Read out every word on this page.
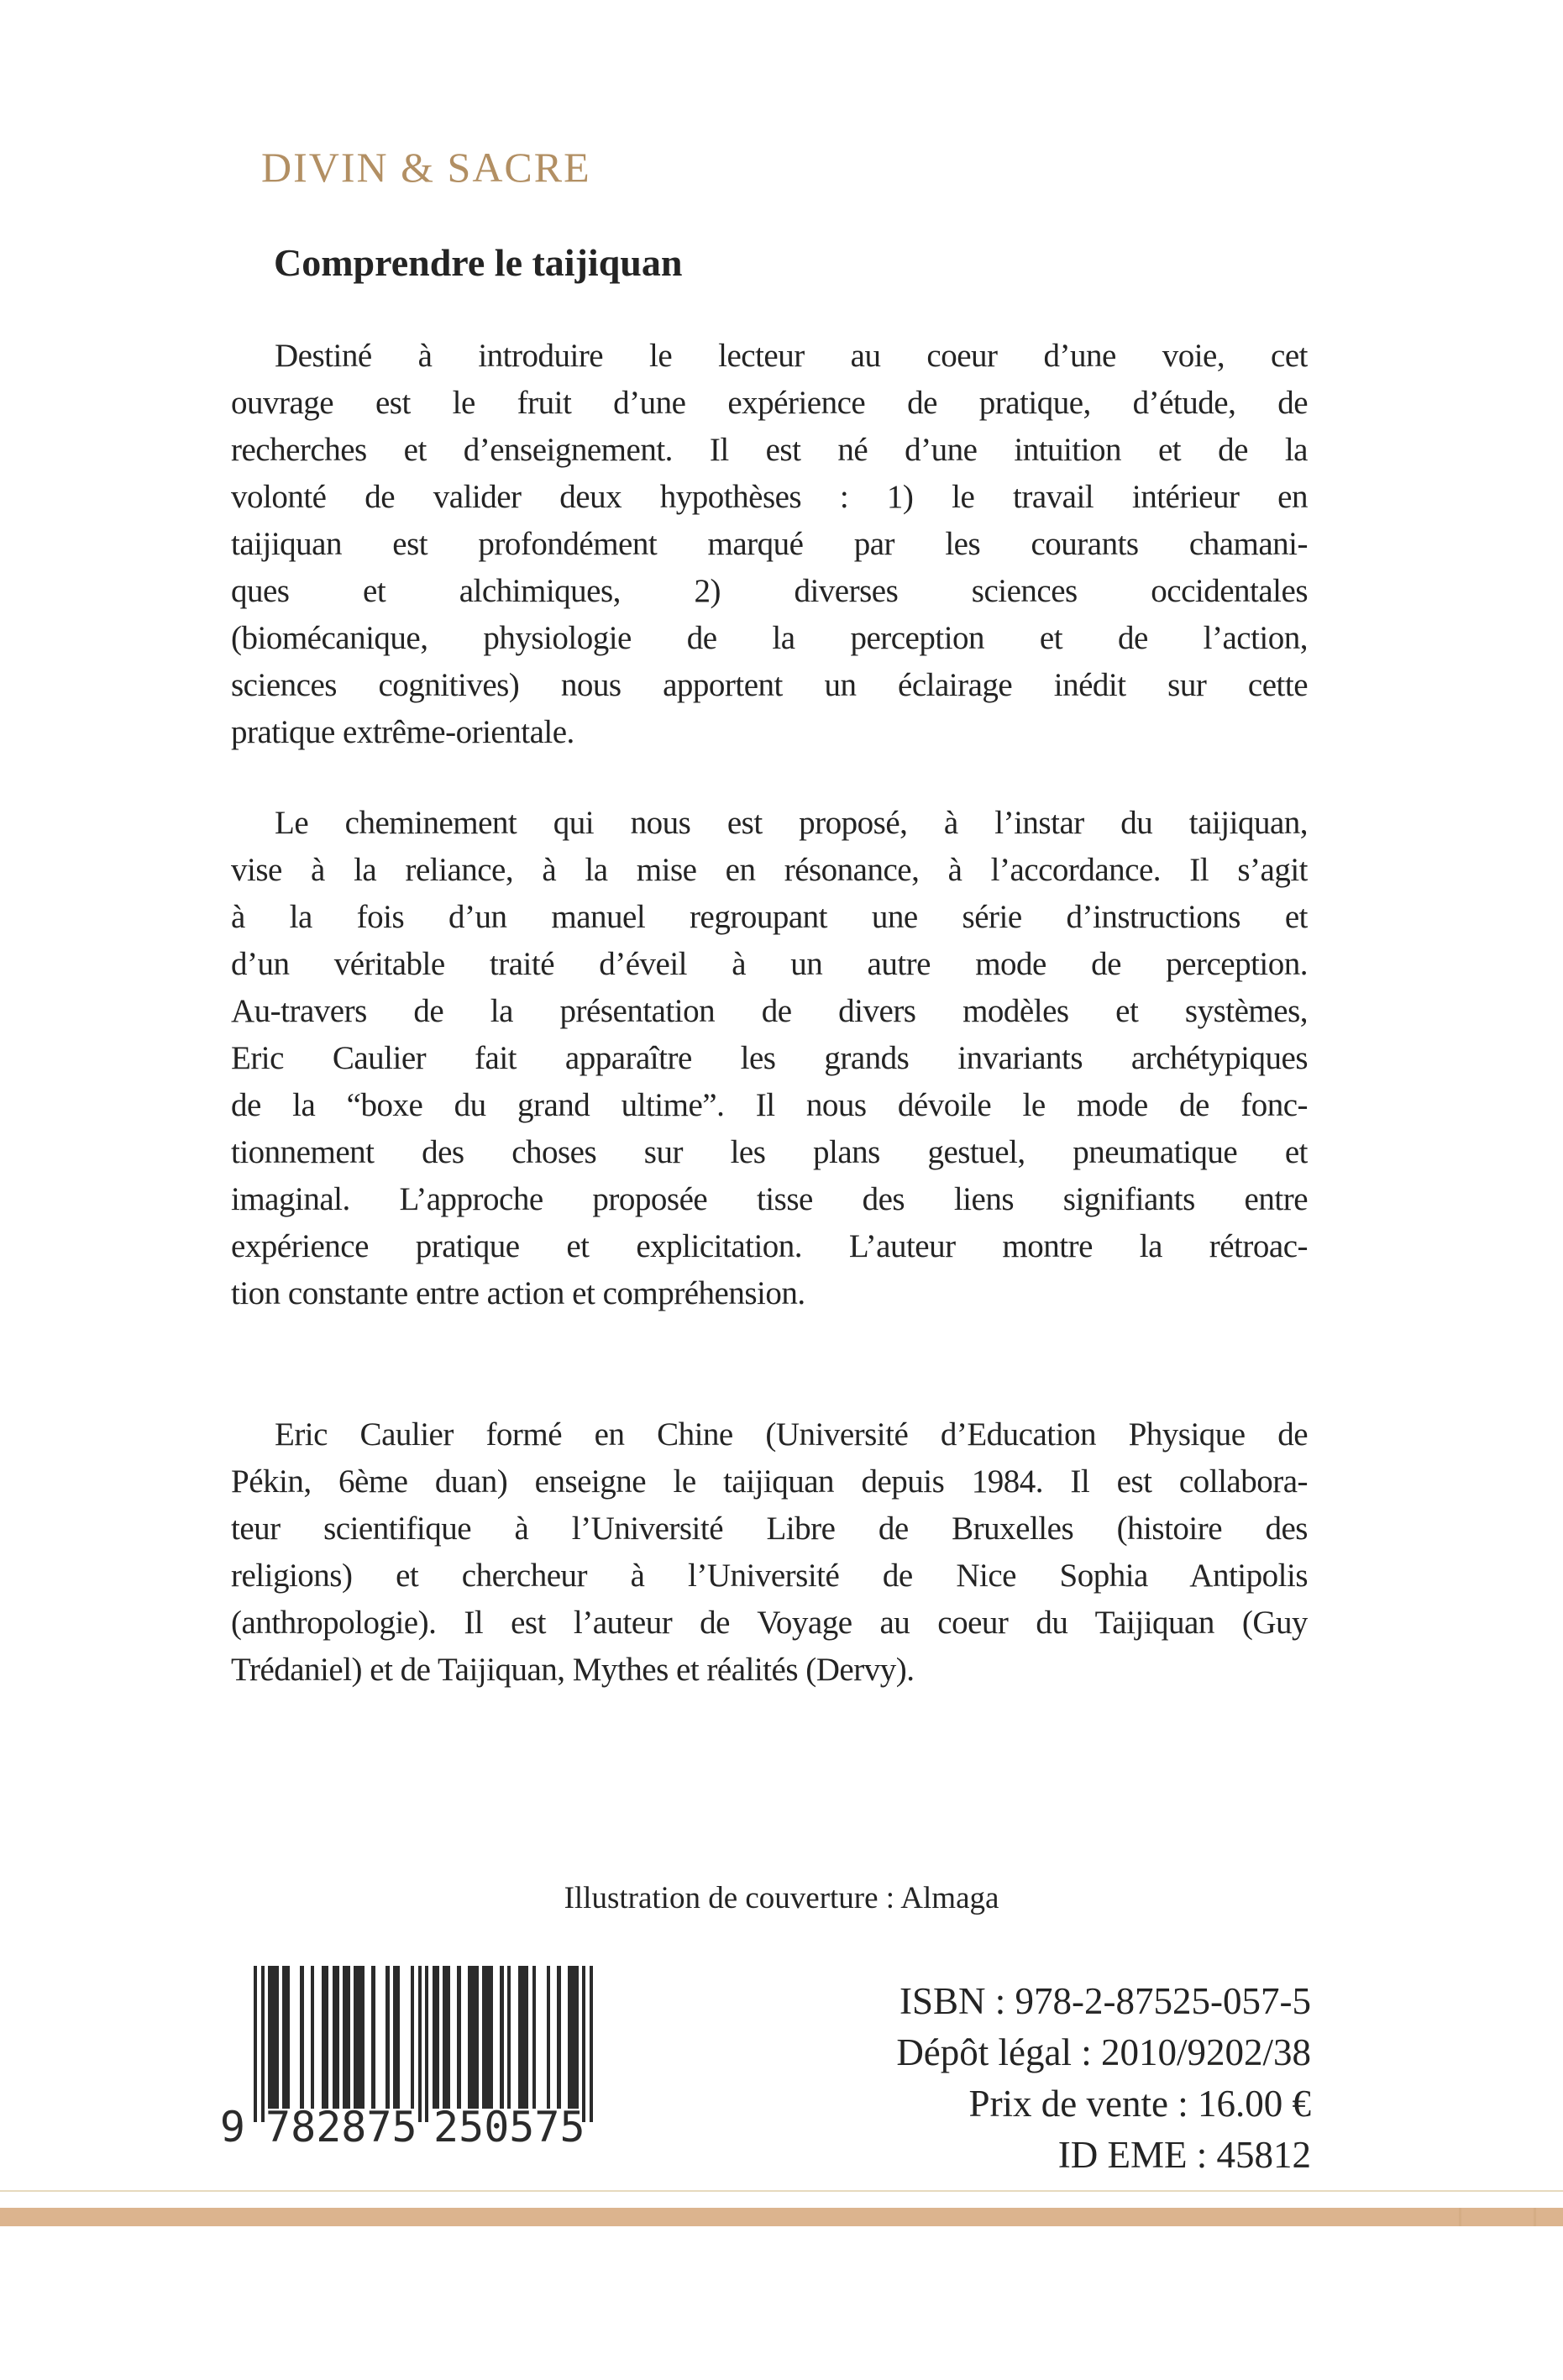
DIVIN & SACRE
Comprendre le taijiquan
Destiné à introduire le lecteur au coeur d’une voie, cet
ouvrage est le fruit d’une expérience de pratique, d’étude, de
recherches et d’enseignement. Il est né d’une intuition et de la
volonté de valider deux hypothèses : 1) le travail intérieur en
taijiquan est profondément marqué par les courants chamani-
ques et alchimiques, 2) diverses sciences occidentales
(biomécanique, physiologie de la perception et de l’action,
sciences cognitives) nous apportent un éclairage inédit sur cette
pratique extrême-orientale.
Le cheminement qui nous est proposé, à l’instar du taijiquan,
vise à la reliance, à la mise en résonance, à l’accordance. Il s’agit
à la fois d’un manuel regroupant une série d’instructions et
d’un véritable traité d’éveil à un autre mode de perception.
Au-travers de la présentation de divers modèles et systèmes,
Eric Caulier fait apparaître les grands invariants archétypiques
de la “boxe du grand ultime”. Il nous dévoile le mode de fonc-
tionnement des choses sur les plans gestuel, pneumatique et
imaginal. L’approche proposée tisse des liens signifiants entre
expérience pratique et explicitation. L’auteur montre la rétroac-
tion constante entre action et compréhension.
Eric Caulier formé en Chine (Université d’Education Physique de
Pékin, 6ème duan) enseigne le taijiquan depuis 1984. Il est collabora-
teur scientifique à l’Université Libre de Bruxelles (histoire des
religions) et chercheur à l’Université de Nice Sophia Antipolis
(anthropologie). Il est l’auteur de Voyage au coeur du Taijiquan (Guy
Trédaniel) et de Taijiquan, Mythes et réalités (Dervy).
Illustration de couverture : Almaga
9 782875 250575
ISBN : 978-2-87525-057-5
Dépôt légal : 2010/9202/38
Prix de vente : 16.00 €
ID EME : 45812
